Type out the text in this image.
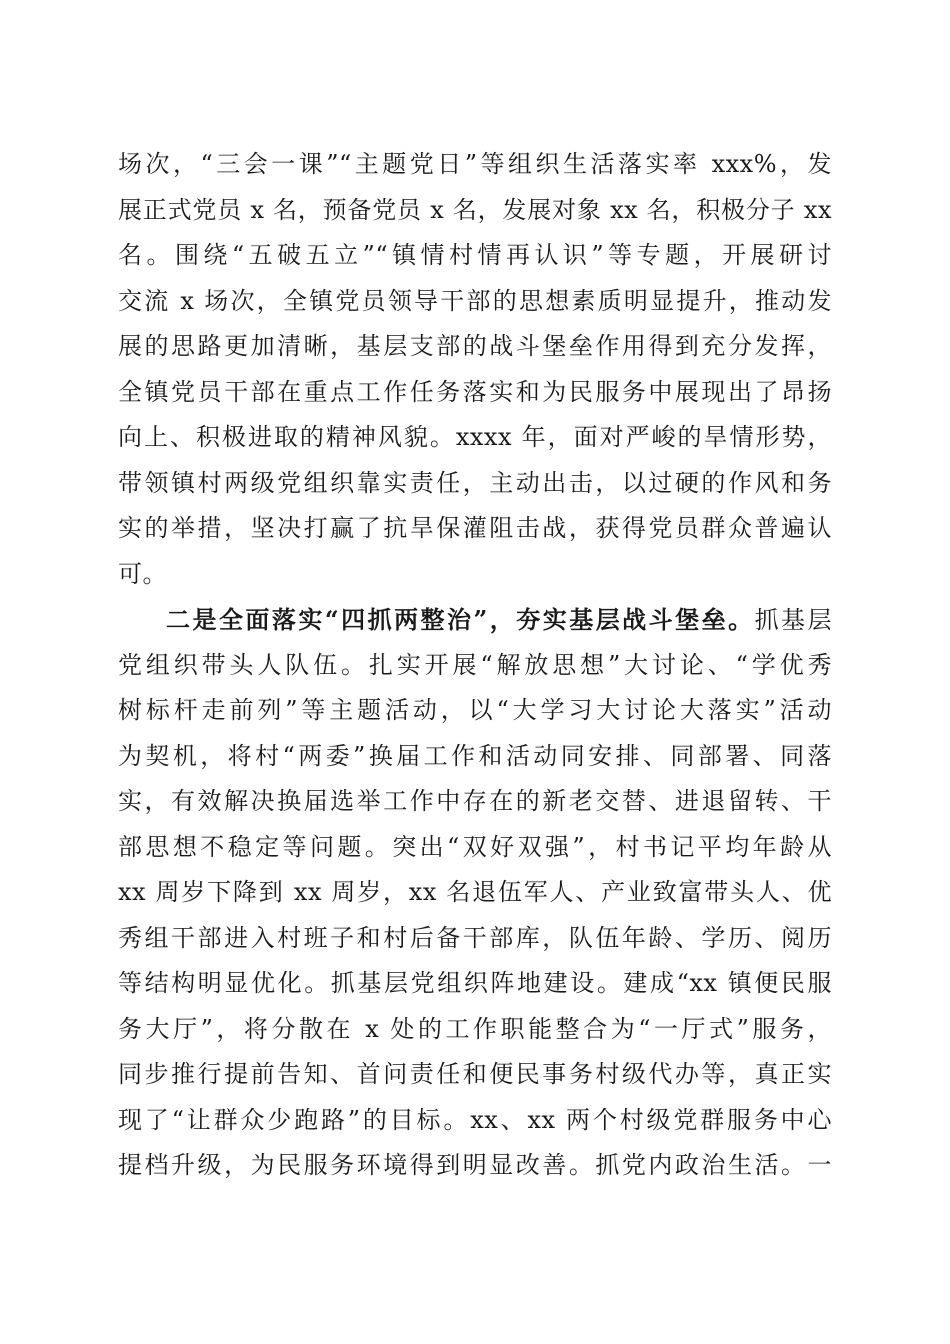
场次，“三会一课”“主题党日”等组织生活落实率 xxx%，发
展正式党员 x 名，预备党员 x 名，发展对象 xx 名，积极分子 xx
名。围绕“五破五立”“镇情村情再认识”等专题，开展研讨
交流 x 场次，全镇党员领导干部的思想素质明显提升，推动发
展的思路更加清晰，基层支部的战斗堡垒作用得到充分发挥，
全镇党员干部在重点工作任务落实和为民服务中展现出了昂扬
向上、积极进取的精神风貌。xxxx 年，面对严峻的旱情形势，
带领镇村两级党组织靠实责任，主动出击，以过硬的作风和务
实的举措，坚决打赢了抗旱保灌阻击战，获得党员群众普遍认
可。
二是全面落实“四抓两整治”，夯实基层战斗堡垒。抓基层
党组织带头人队伍。扎实开展“解放思想”大讨论、“学优秀
树标杆走前列”等主题活动，以“大学习大讨论大落实”活动
为契机，将村“两委”换届工作和活动同安排、同部署、同落
实，有效解决换届选举工作中存在的新老交替、进退留转、干
部思想不稳定等问题。突出“双好双强”，村书记平均年龄从
xx 周岁下降到 xx 周岁，xx 名退伍军人、产业致富带头人、优
秀组干部进入村班子和村后备干部库，队伍年龄、学历、阅历
等结构明显优化。抓基层党组织阵地建设。建成“xx 镇便民服
务大厅”，将分散在 x 处的工作职能整合为“一厅式”服务，
同步推行提前告知、首问责任和便民事务村级代办等，真正实
现了“让群众少跑路”的目标。xx、xx 两个村级党群服务中心
提档升级，为民服务环境得到明显改善。抓党内政治生活。一
